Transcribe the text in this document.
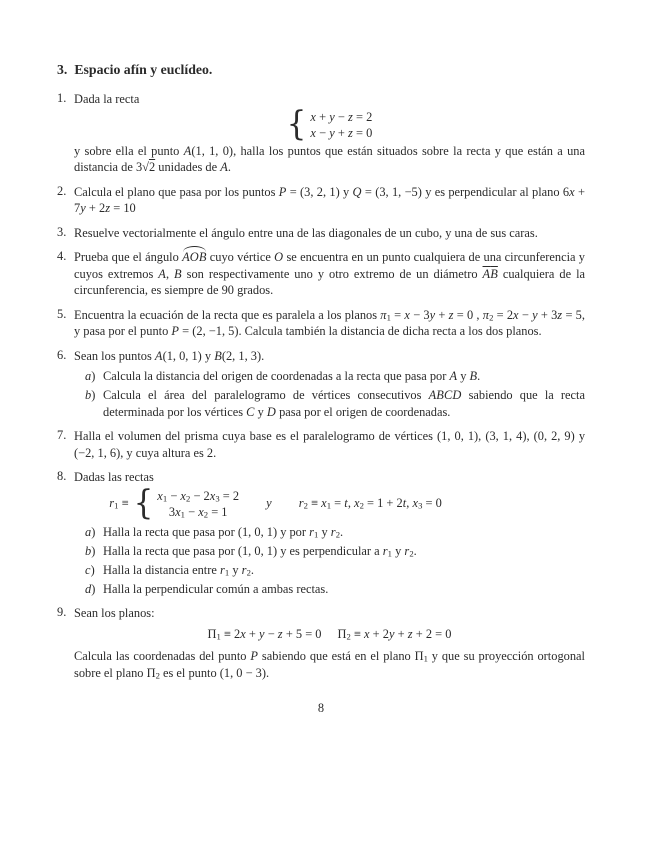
3. Espacio afín y euclídeo.
1. Dada la recta
{ x + y − z = 2
x − y + z = 0
y sobre ella el punto A(1, 1, 0), halla los puntos que están situados sobre la recta y que están a una distancia de 3√2 unidades de A.
2. Calcula el plano que pasa por los puntos P = (3, 2, 1) y Q = (3, 1, −5) y es perpendicular al plano 6x + 7y + 2z = 10
3. Resuelve vectorialmente el ángulo entre una de las diagonales de un cubo, y una de sus caras.
4. Prueba que el ángulo AOB cuyo vértice O se encuentra en un punto cualquiera de una circunferencia y cuyos extremos A, B son respectivamente uno y otro extremo de un diámetro AB cualquiera de la circunferencia, es siempre de 90 grados.
5. Encuentra la ecuación de la recta que es paralela a los planos $\pi_1 = x - 3y + z = 0$ , $\pi_2 = 2x - y + 3z = 5$, y pasa por el punto P = (2, −1, 5). Calcula también la distancia de dicha recta a los dos planos.
6. Sean los puntos A(1, 0, 1) y B(2, 1, 3).
a) Calcula la distancia del origen de coordenadas a la recta que pasa por A y B.
b) Calcula el área del paralelogramo de vértices consecutivos ABCD sabiendo que la recta determinada por los vértices C y D pasa por el origen de coordenadas.
7. Halla el volumen del prisma cuya base es el paralelogramo de vértices (1, 0, 1), (3, 1, 4), (0, 2, 9) y (−2, 1, 6), y cuya altura es 2.
8. Dadas las rectas
$r_1$ ≡ { $x_1 - x_2 - 2x_3 = 2$
$3x_1 - x_2 = 1$
y $r_2 \equiv x_1 = t$, $x_2 = 1 + 2t$, $x_3 = 0$
a) Halla la recta que pasa por (1, 0, 1) y por $r_1$ y $r_2$.
b) Halla la recta que pasa por (1, 0, 1) y es perpendicular a $r_1$ y $r_2$.
c) Halla la distancia entre $r_1$ y $r_2$.
d) Halla la perpendicular común a ambas rectas.
9. Sean los planos:
$\Pi_1 \equiv 2x + y - z + 5 = 0$ $\Pi_2 \equiv x + 2y + z + 2 = 0$
Calcula las coordenadas del punto P sabiendo que está en el plano $\Pi_1$ y que su proyección ortogonal sobre el plano $\Pi_2$ es el punto (1, 0 − 3).
8
